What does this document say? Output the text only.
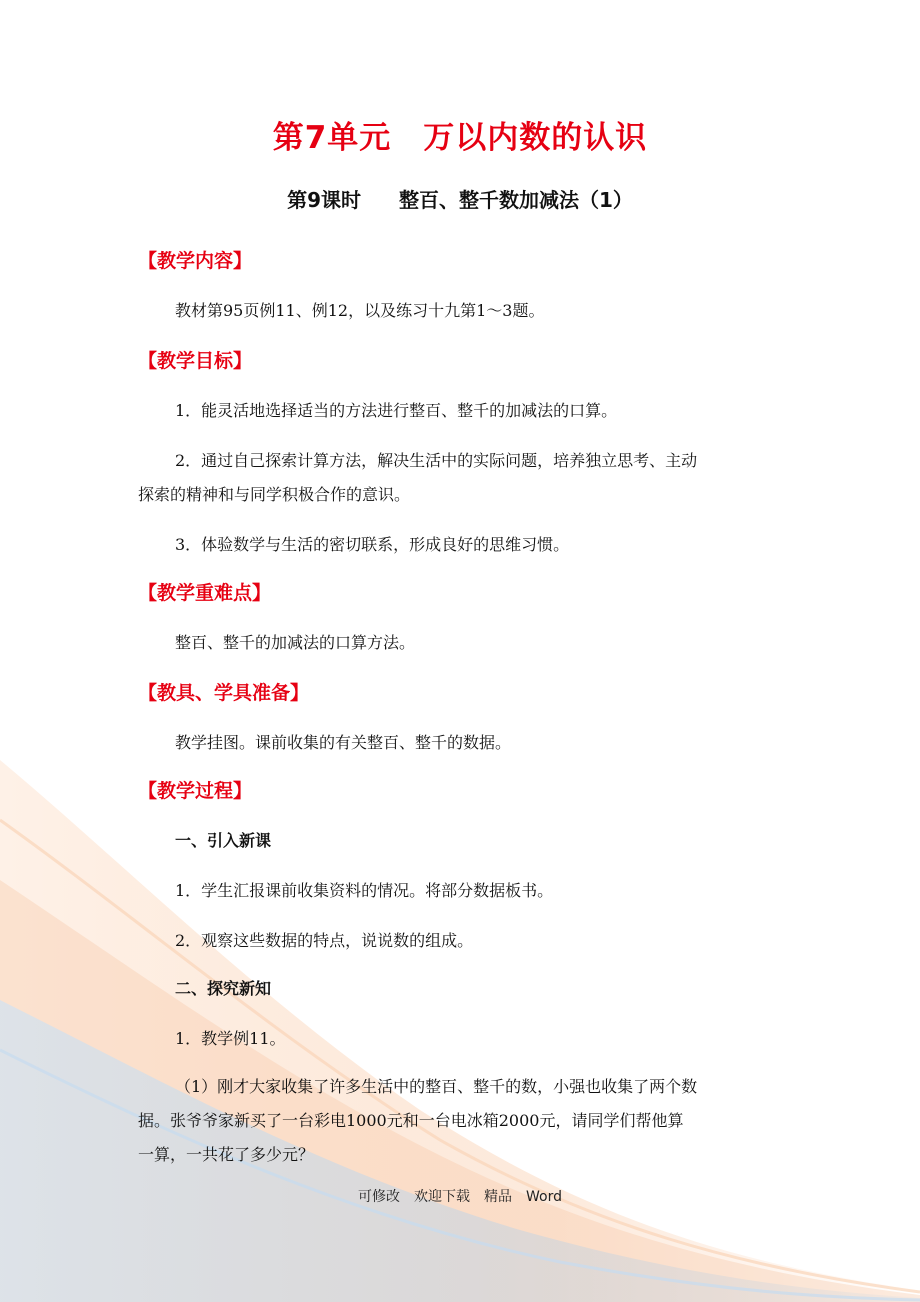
第7单元　万以内数的认识
第9课时 整百、整千数加减法（1）

【教学内容】

教材第95页例11、例12，以及练习十九第1～3题。

【教学目标】

1．能灵活地选择适当的方法进行整百、整千的加减法的口算。

2．通过自己探索计算方法，解决生活中的实际问题，培养独立思考、主动

探索的精神和与同学积极合作的意识。

3．体验数学与生活的密切联系，形成良好的思维习惯。

【教学重难点】

整百、整千的加减法的口算方法。

【教具、学具准备】

教学挂图。课前收集的有关整百、整千的数据。

【教学过程】

一、引入新课

1．学生汇报课前收集资料的情况。将部分数据板书。

2．观察这些数据的特点，说说数的组成。

二、探究新知

1．教学例11。

（1）刚才大家收集了许多生活中的整百、整千的数，小强也收集了两个数

据。张爷爷家新买了一台彩电1000元和一台电冰箱2000元，请同学们帮他算

一算，一共花了多少元？

可修改　欢迎下载　精品　Word
